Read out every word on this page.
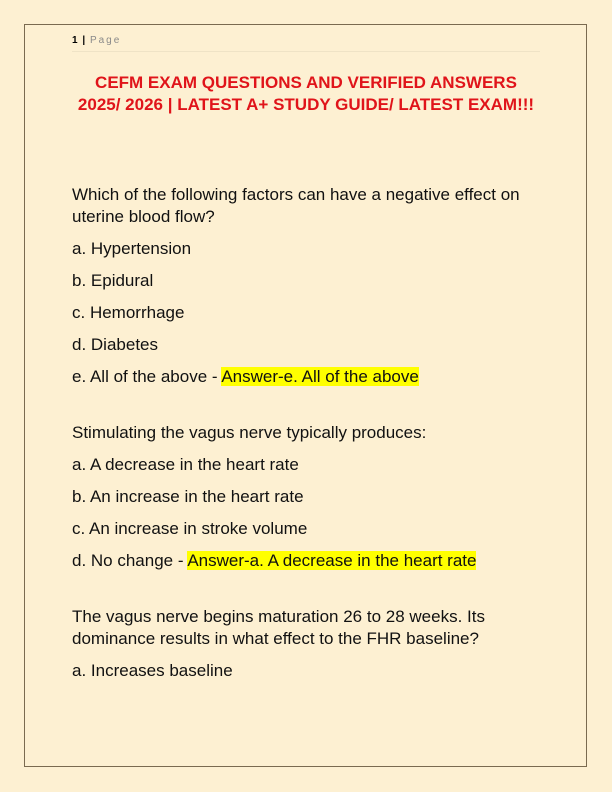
1 | Page
CEFM EXAM QUESTIONS AND VERIFIED ANSWERS 2025/ 2026 | LATEST A+ STUDY GUIDE/ LATEST EXAM!!!
Which of the following factors can have a negative effect on uterine blood flow?
a. Hypertension
b. Epidural
c. Hemorrhage
d. Diabetes
e. All of the above - Answer-e. All of the above
Stimulating the vagus nerve typically produces:
a. A decrease in the heart rate
b. An increase in the heart rate
c. An increase in stroke volume
d. No change - Answer-a. A decrease in the heart rate
The vagus nerve begins maturation 26 to 28 weeks. Its dominance results in what effect to the FHR baseline?
a. Increases baseline
